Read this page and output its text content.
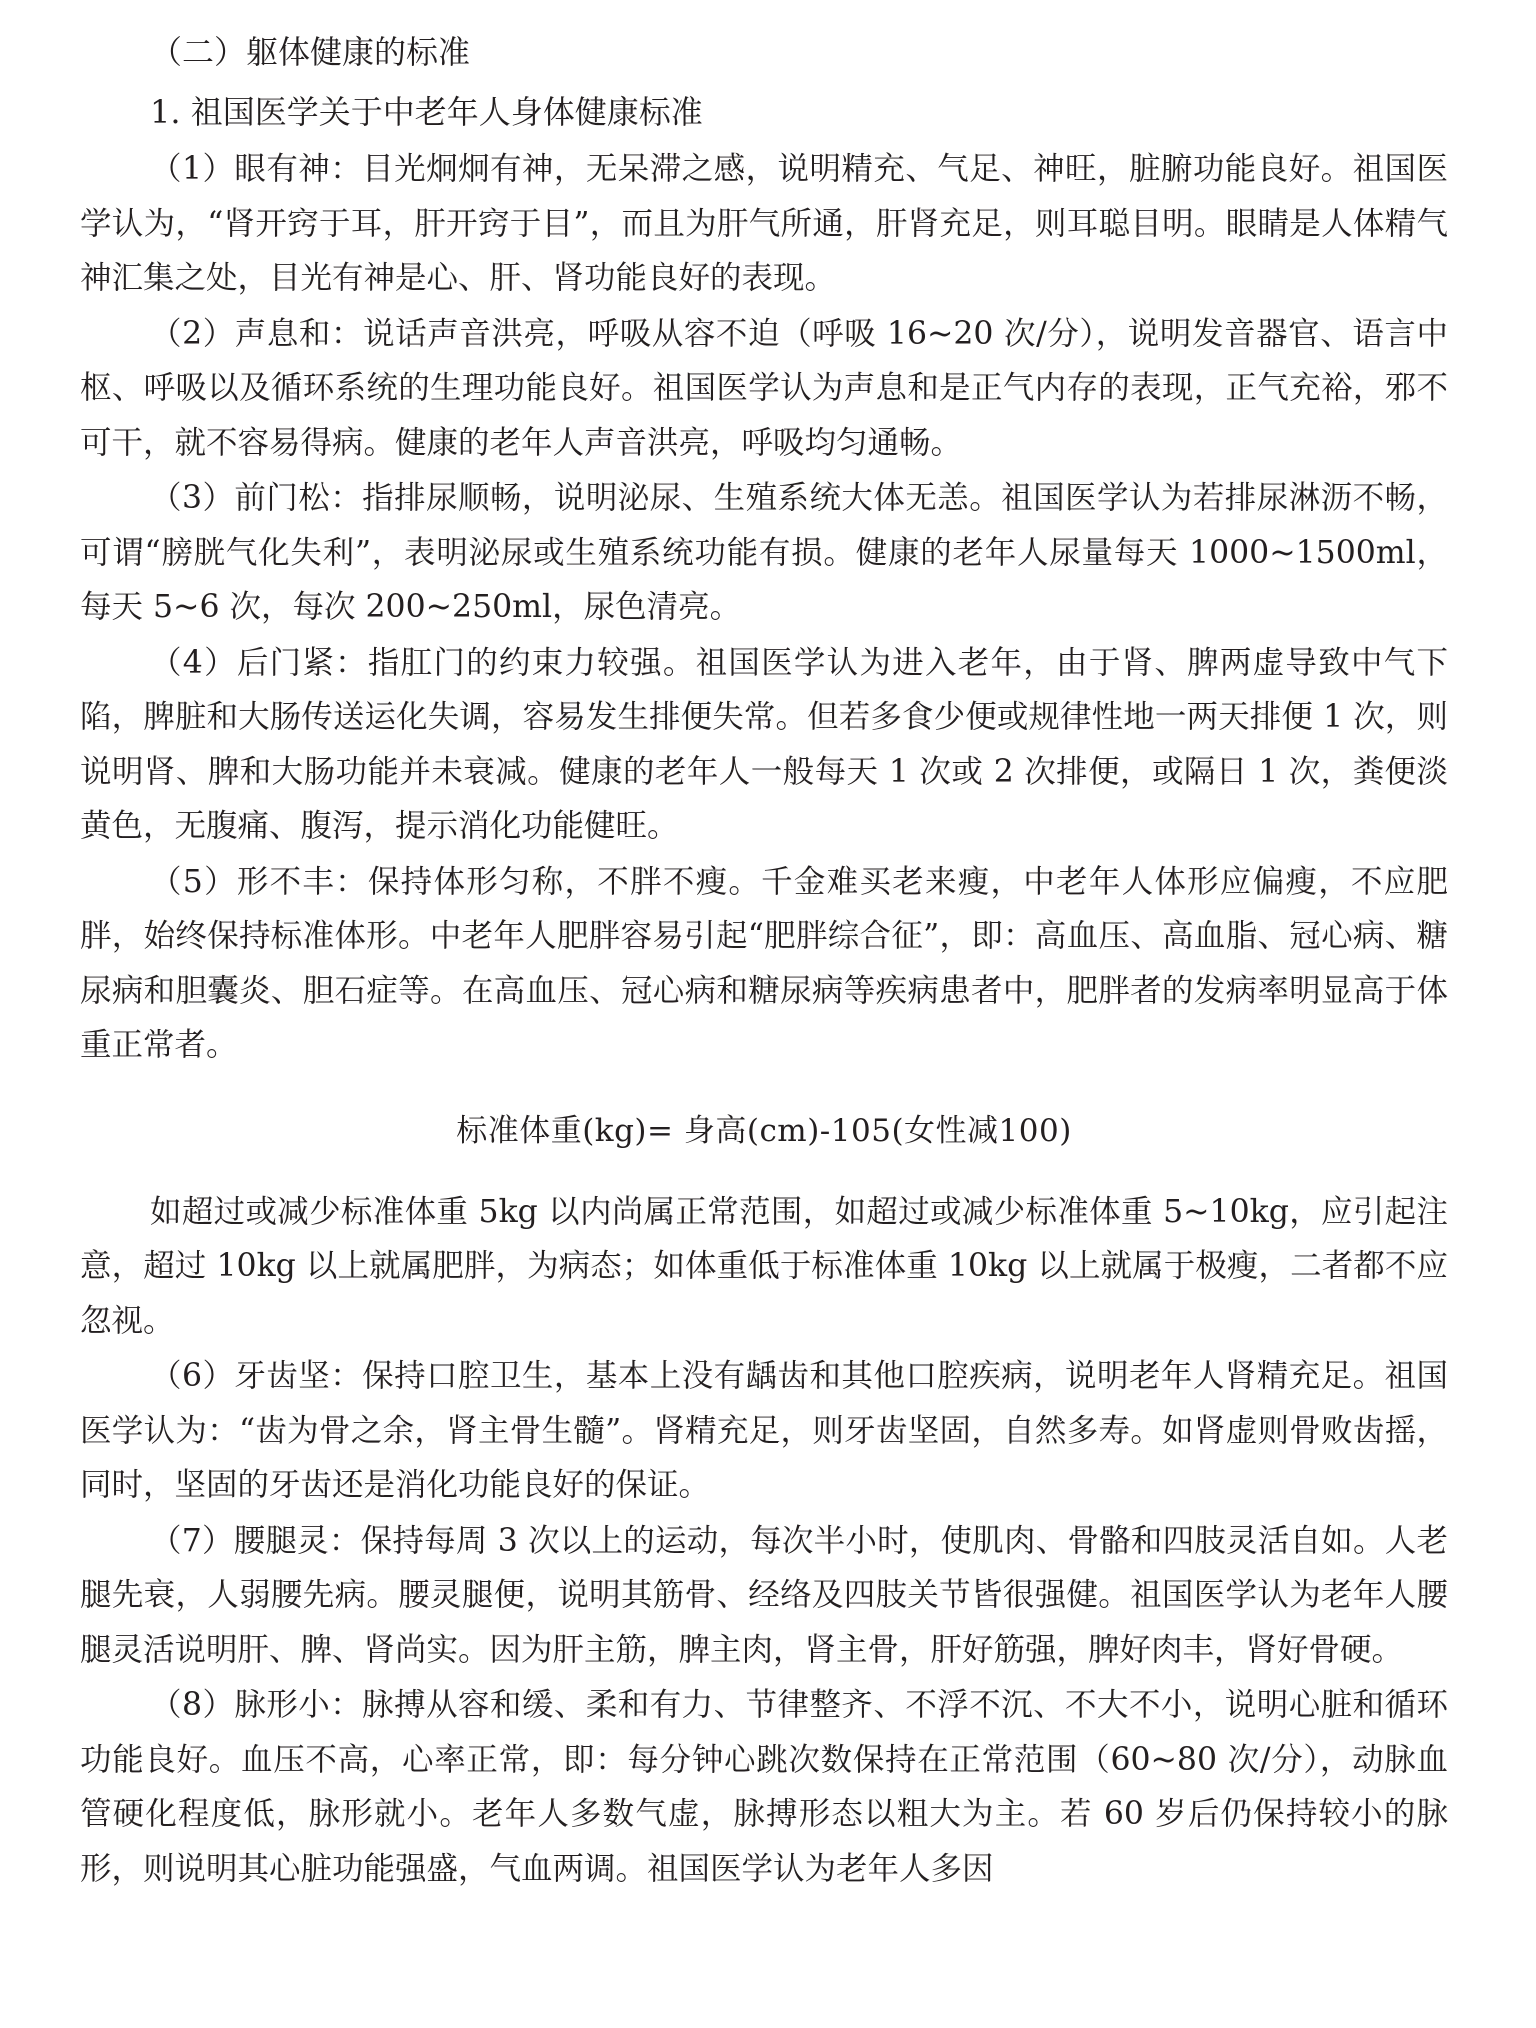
（二）躯体健康的标准

1. 祖国医学关于中老年人身体健康标准

（1）眼有神：目光炯炯有神，无呆滞之感，说明精充、气足、神旺，脏腑功能良好。祖国医学认为，“肾开窍于耳，肝开窍于目”，而且为肝气所通，肝肾充足，则耳聪目明。眼睛是人体精气神汇集之处，目光有神是心、肝、肾功能良好的表现。

（2）声息和：说话声音洪亮，呼吸从容不迫（呼吸 16~20 次/分），说明发音器官、语言中枢、呼吸以及循环系统的生理功能良好。祖国医学认为声息和是正气内存的表现，正气充裕，邪不可干，就不容易得病。健康的老年人声音洪亮，呼吸均匀通畅。

（3）前门松：指排尿顺畅，说明泌尿、生殖系统大体无恙。祖国医学认为若排尿淋沥不畅，可谓“膀胱气化失利”，表明泌尿或生殖系统功能有损。健康的老年人尿量每天 1000~1500ml，每天 5~6 次，每次 200~250ml，尿色清亮。

（4）后门紧：指肛门的约束力较强。祖国医学认为进入老年，由于肾、脾两虚导致中气下陷，脾脏和大肠传送运化失调，容易发生排便失常。但若多食少便或规律性地一两天排便 1 次，则说明肾、脾和大肠功能并未衰减。健康的老年人一般每天 1 次或 2 次排便，或隔日 1 次，粪便淡黄色，无腹痛、腹泻，提示消化功能健旺。

（5）形不丰：保持体形匀称，不胖不瘦。千金难买老来瘦，中老年人体形应偏瘦，不应肥胖，始终保持标准体形。中老年人肥胖容易引起“肥胖综合征”，即：高血压、高血脂、冠心病、糖尿病和胆囊炎、胆石症等。在高血压、冠心病和糖尿病等疾病患者中，肥胖者的发病率明显高于体重正常者。

标准体重(kg)= 身高(cm)-105(女性减100)

如超过或减少标准体重 5kg 以内尚属正常范围，如超过或减少标准体重 5~10kg，应引起注意，超过 10kg 以上就属肥胖，为病态；如体重低于标准体重 10kg 以上就属于极瘦，二者都不应忽视。

（6）牙齿坚：保持口腔卫生，基本上没有龋齿和其他口腔疾病，说明老年人肾精充足。祖国医学认为：“齿为骨之余，肾主骨生髓”。肾精充足，则牙齿坚固，自然多寿。如肾虚则骨败齿摇，同时，坚固的牙齿还是消化功能良好的保证。

（7）腰腿灵：保持每周 3 次以上的运动，每次半小时，使肌肉、骨骼和四肢灵活自如。人老腿先衰，人弱腰先病。腰灵腿便，说明其筋骨、经络及四肢关节皆很强健。祖国医学认为老年人腰腿灵活说明肝、脾、肾尚实。因为肝主筋，脾主肉，肾主骨，肝好筋强，脾好肉丰，肾好骨硬。

（8）脉形小：脉搏从容和缓、柔和有力、节律整齐、不浮不沉、不大不小，说明心脏和循环功能良好。血压不高，心率正常，即：每分钟心跳次数保持在正常范围（60~80 次/分），动脉血管硬化程度低，脉形就小。老年人多数气虚，脉搏形态以粗大为主。若 60 岁后仍保持较小的脉形，则说明其心脏功能强盛，气血两调。祖国医学认为老年人多因
